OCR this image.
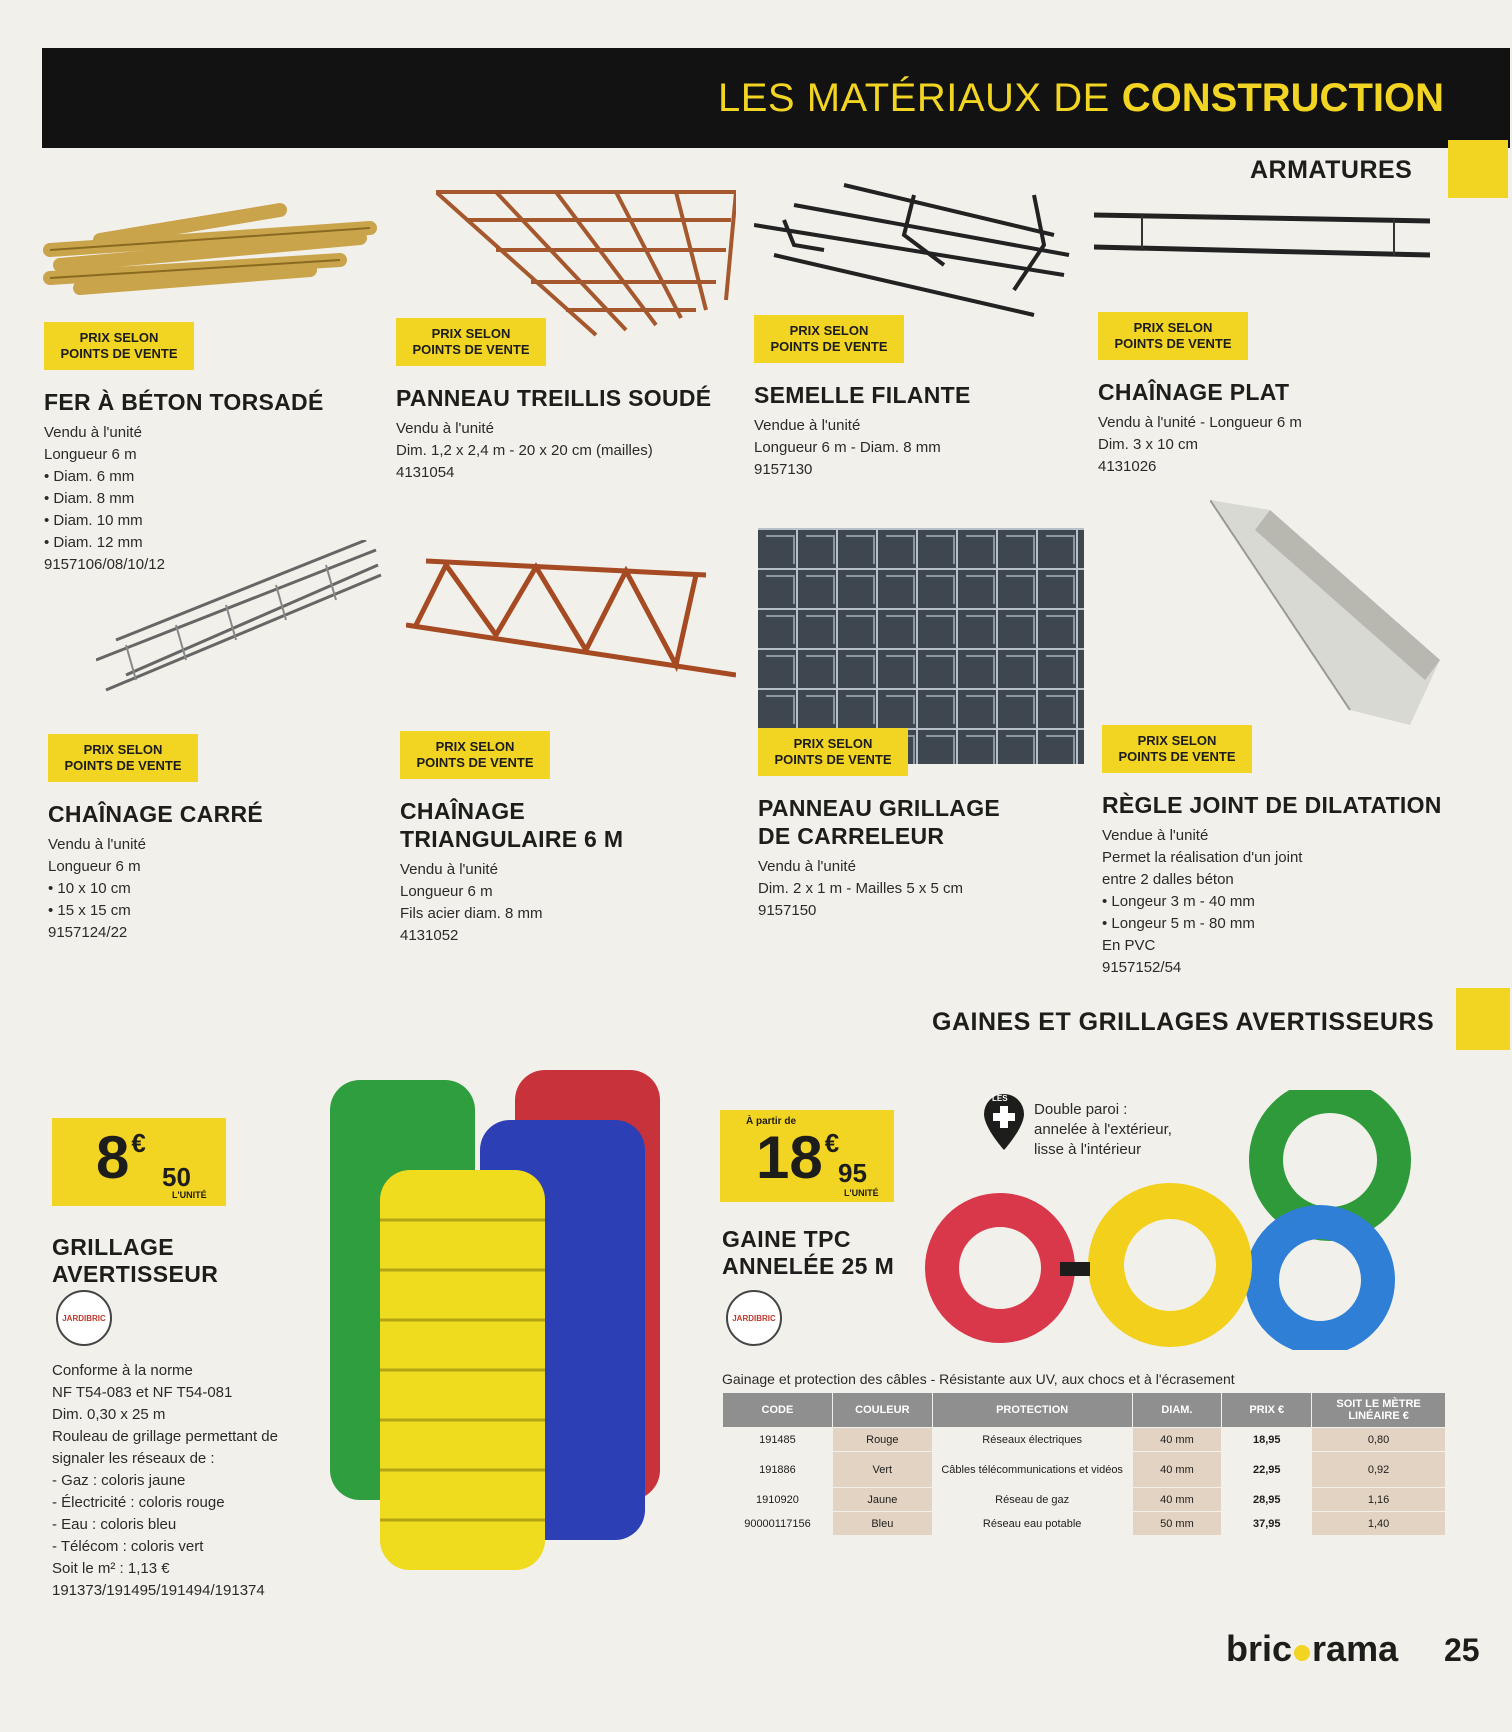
LES MATÉRIAUX DE CONSTRUCTION
ARMATURES
PRIX SELON
POINTS DE VENTE
FER À BÉTON TORSADÉ
Vendu à l'unité
Longueur 6 m
• Diam. 6 mm
• Diam. 8 mm
• Diam. 10 mm
• Diam. 12 mm
9157106/08/10/12
PRIX SELON
POINTS DE VENTE
PANNEAU TREILLIS SOUDÉ
Vendu à l'unité
Dim. 1,2 x 2,4 m - 20 x 20 cm (mailles)
4131054
PRIX SELON
POINTS DE VENTE
SEMELLE FILANTE
Vendue à l'unité
Longueur 6 m - Diam. 8 mm
9157130
PRIX SELON
POINTS DE VENTE
CHAÎNAGE PLAT
Vendu à l'unité - Longueur 6 m
Dim. 3 x 10 cm
4131026
PRIX SELON
POINTS DE VENTE
CHAÎNAGE CARRÉ
Vendu à l'unité
Longueur 6 m
• 10 x 10 cm
• 15 x 15 cm
9157124/22
PRIX SELON
POINTS DE VENTE
CHAÎNAGE
TRIANGULAIRE 6 M
Vendu à l'unité
Longueur 6 m
Fils acier diam. 8 mm
4131052
PRIX SELON
POINTS DE VENTE
PANNEAU GRILLAGE
DE CARRELEUR
Vendu à l'unité
Dim. 2 x 1 m - Mailles 5 x 5 cm
9157150
PRIX SELON
POINTS DE VENTE
RÈGLE JOINT DE DILATATION
Vendue à l'unité
Permet la réalisation d'un joint
entre 2 dalles béton
• Longeur 3 m - 40 mm
• Longeur 5 m - 80 mm
En PVC
9157152/54
GAINES ET GRILLAGES AVERTISSEURS
8 €
50
L'UNITÉ
GRILLAGE
AVERTISSEUR
JARDIBRIC
Conforme à la norme
NF T54-083 et NF T54-081
Dim. 0,30 x 25 m
Rouleau de grillage permettant de
signaler les réseaux de :
- Gaz : coloris jaune
- Électricité : coloris rouge
- Eau : coloris bleu
- Télécom : coloris vert
Soit le m² : 1,13 €
191373/191495/191494/191374
À partir de
18 €
95
L'UNITÉ
GAINE TPC
ANNELÉE 25 M
JARDIBRIC
LES
Double paroi :
annelée à l'extérieur,
lisse à l'intérieur
Gainage et protection des câbles - Résistante aux UV, aux chocs et à l'écrasement
CODE	COULEUR	PROTECTION	DIAM.	PRIX €	SOIT LE MÈTRE LINÉAIRE €
191485	Rouge	Réseaux électriques	40 mm	18,95	0,80
191886	Vert	Câbles télécommunications et vidéos	40 mm	22,95	0,92
1910920	Jaune	Réseau de gaz	40 mm	28,95	1,16
90000117156	Bleu	Réseau eau potable	50 mm	37,95	1,40
bric rama 25
